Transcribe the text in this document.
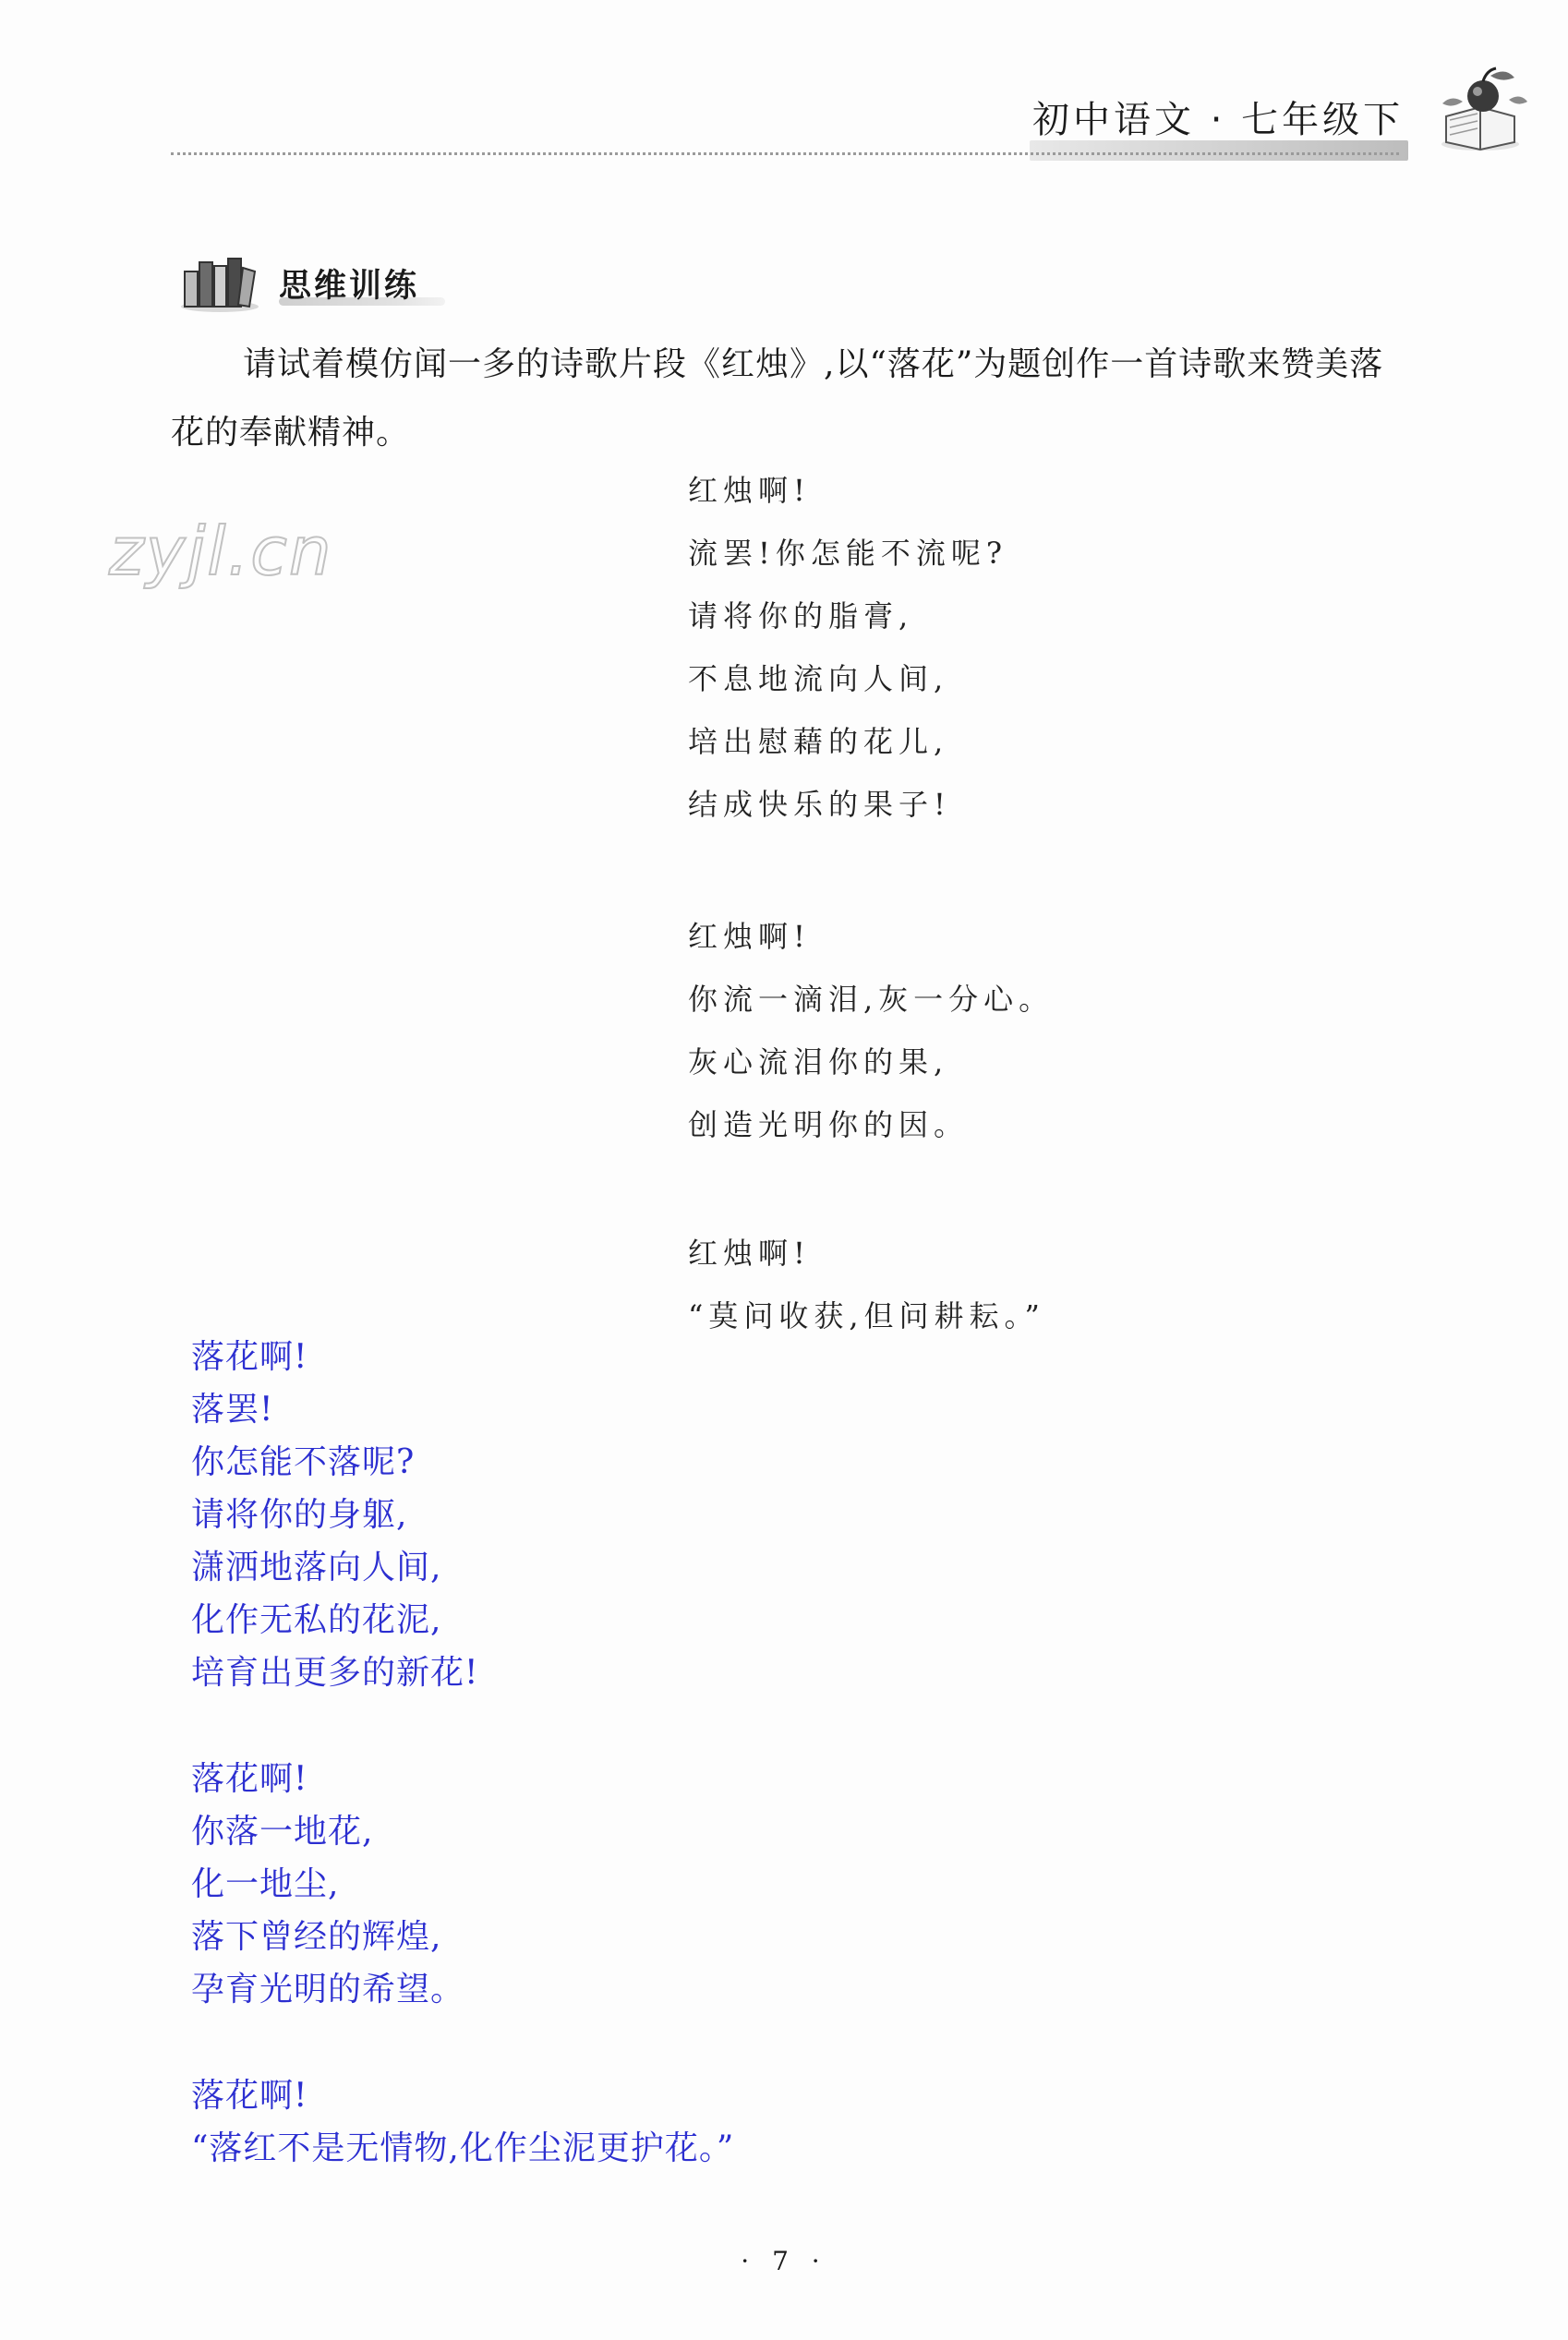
初中语文 · 七年级下
思维训练
请试着模仿闻一多的诗歌片段《红烛》,以“落花”为题创作一首诗歌来赞美落花的奉献精神。
zyjl.cn
红烛啊!
流罢!你怎能不流呢?
请将你的脂膏,
不息地流向人间,
培出慰藉的花儿,
结成快乐的果子!
红烛啊!
你流一滴泪,灰一分心。
灰心流泪你的果,
创造光明你的因。
红烛啊!
“莫问收获,但问耕耘。”
落花啊!
落罢!
你怎能不落呢?
请将你的身躯,
潇洒地落向人间,
化作无私的花泥,
培育出更多的新花!
落花啊!
你落一地花,
化一地尘,
落下曾经的辉煌,
孕育光明的希望。
落花啊!
“落红不是无情物,化作尘泥更护花。”
· 7 ·
